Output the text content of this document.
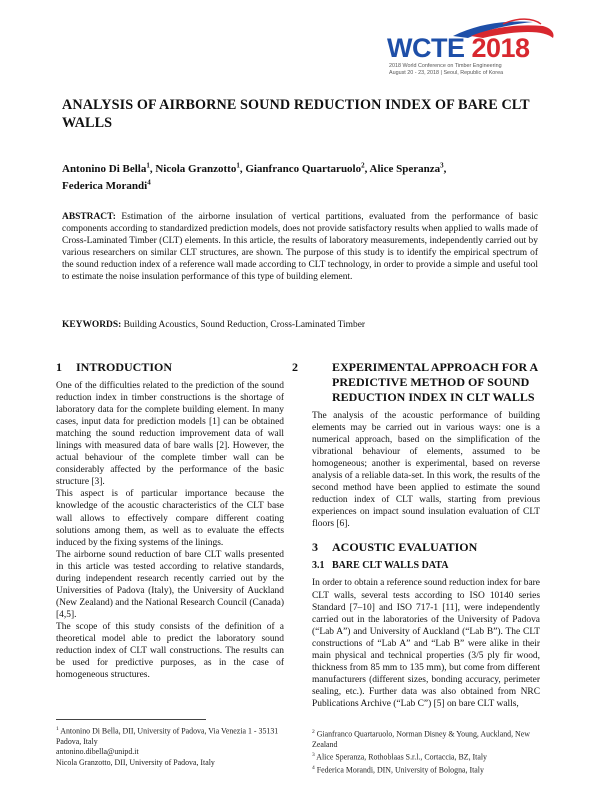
WCTE 2018
2018 World Conference on Timber Engineering
August 20 - 23, 2018 | Seoul, Republic of Korea
ANALYSIS OF AIRBORNE SOUND REDUCTION INDEX OF BARE CLT WALLS
Antonino Di Bella$^1$, Nicola Granzotto$^1$, Gianfranco Quartaruolo$^2$, Alice Speranza$^3$, Federica Morandi$^4$
ABSTRACT: Estimation of the airborne insulation of vertical partitions, evaluated from the performance of basic components according to standardized prediction models, does not provide satisfactory results when applied to walls made of Cross-Laminated Timber (CLT) elements. In this article, the results of laboratory measurements, independently carried out by various researchers on similar CLT structures, are shown. The purpose of this study is to identify the empirical spectrum of the sound reduction index of a reference wall made according to CLT technology, in order to provide a simple and useful tool to estimate the noise insulation performance of this type of building element.
KEYWORDS: Building Acoustics, Sound Reduction, Cross-Laminated Timber
1 INTRODUCTION

One of the difficulties related to the prediction of the sound reduction index in timber constructions is the shortage of laboratory data for the complete building element. In many cases, input data for prediction models [1] can be obtained matching the sound reduction improvement data of wall linings with measured data of bare walls [2]. However, the actual behaviour of the complete timber wall can be considerably affected by the performance of the basic structure [3].

This aspect is of particular importance because the knowledge of the acoustic characteristics of the CLT base wall allows to effectively compare different coating solutions among them, as well as to evaluate the effects induced by the fixing systems of the linings.

The airborne sound reduction of bare CLT walls presented in this article was tested according to relative standards, during independent research recently carried out by the Universities of Padova (Italy), the University of Auckland (New Zealand) and the National Research Council (Canada) [4,5].

The scope of this study consists of the definition of a theoretical model able to predict the laboratory sound reduction index of CLT wall constructions. The results can be used for predictive purposes, as in the case of homogeneous structures.

2	EXPERIMENTAL APPROACH FOR A PREDICTIVE METHOD OF SOUND REDUCTION INDEX IN CLT WALLS

The analysis of the acoustic performance of building elements may be carried out in various ways: one is a numerical approach, based on the simplification of the vibrational behaviour of elements, assumed to be homogeneous; another is experimental, based on reverse analysis of a reliable data-set. In this work, the results of the second method have been applied to estimate the sound reduction index of CLT walls, starting from previous experiences on impact sound insulation evaluation of CLT floors [6].

3 ACOUSTIC EVALUATION
3.1 BARE CLT WALLS DATA

In order to obtain a reference sound reduction index for bare CLT walls, several tests according to ISO 10140 series Standard [7–10] and ISO 717-1 [11], were independently carried out in the laboratories of the University of Padova (“Lab A”) and University of Auckland (“Lab B”). The CLT constructions of “Lab A” and “Lab B” were alike in their main physical and technical properties (3/5 ply fir wood, thickness from 85 mm to 135 mm), but come from different manufacturers (different sizes, bonding accuracy, perimeter sealing, etc.). Further data was also obtained from NRC Publications Archive (“Lab C”) [5] on bare CLT walls,

$^1$ Antonino Di Bella, DII, University of Padova, Via Venezia 1 - 35131 Padova, Italy
antonino.dibella@unipd.it
Nicola Granzotto, DII, University of Padova, Italy
$^2$ Gianfranco Quartaruolo, Norman Disney & Young, Auckland, New Zealand
$^3$ Alice Speranza, Rothoblaas S.r.l., Cortaccia, BZ, Italy
$^4$ Federica Morandi, DIN, University of Bologna, Italy
